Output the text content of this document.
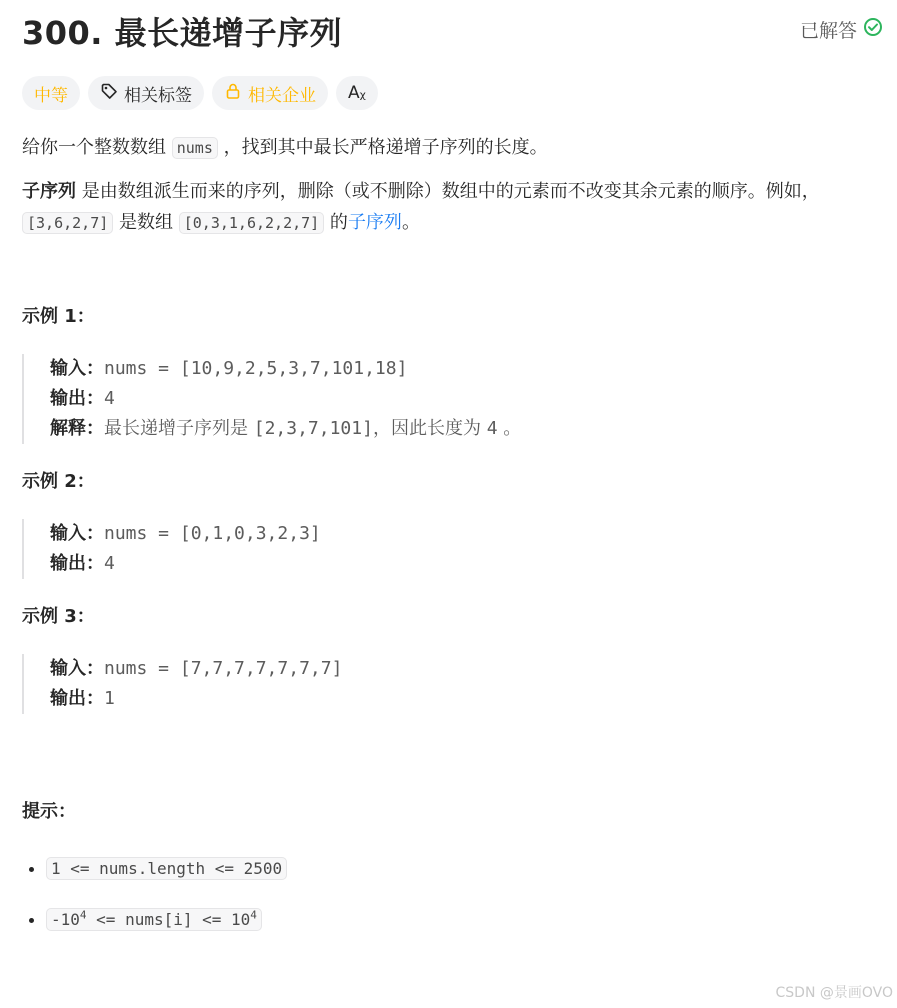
300. 最长递增子序列	已解答
中等	相关标签	相关企业 Aᵪ

给你一个整数数组 nums ，找到其中最长严格递增子序列的长度。

子序列 是由数组派生而来的序列，删除（或不删除）数组中的元素而不改变其余元素的顺序。例如，[3,6,2,7] 是数组 [0,3,1,6,2,2,7] 的子序列。

示例 1：

输入：nums = [10,9,2,5,3,7,101,18]
输出：4
解释：最长递增子序列是 [2,3,7,101]，因此长度为 4 。

示例 2：

输入：nums = [0,1,0,3,2,3]
输出：4

示例 3：

输入：nums = [7,7,7,7,7,7,7]
输出：1

提示：

• 1 <= nums.length <= 2500
• $-10^4$ <= nums[i] <= $10^4$
CSDN @景画OVO
